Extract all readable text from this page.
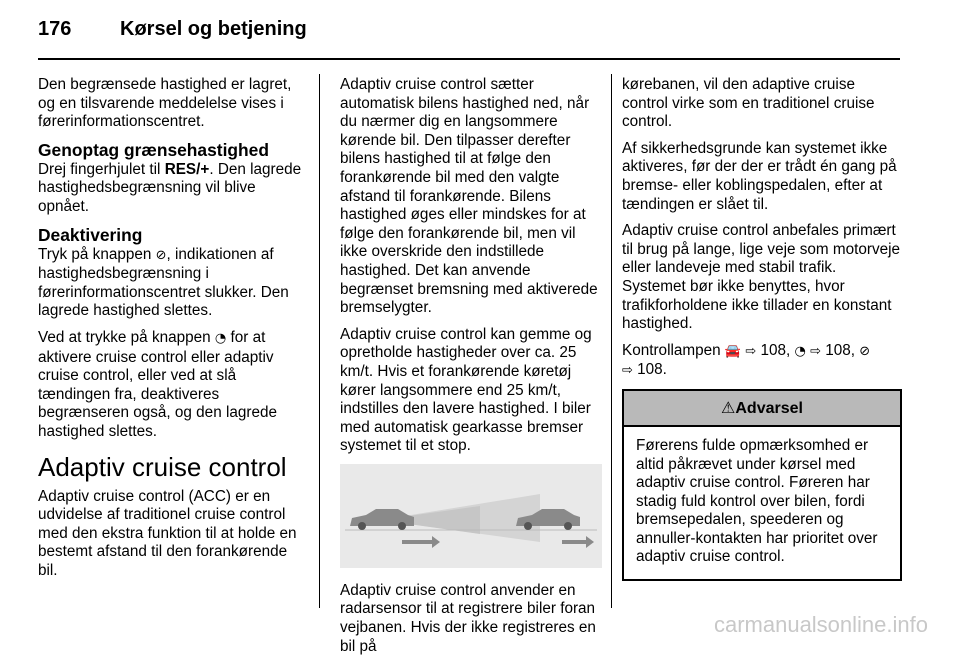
176 Kørsel og betjening

Den begrænsede hastighed er lagret, og en tilsvarende meddelelse vises i førerinformationscentret.

Genoptag grænsehastighed

Drej fingerhjulet til RES/+. Den lagrede hastighedsbegrænsning vil blive opnået.

Deaktivering

Tryk på knappen ⊘, indikationen af hastighedsbegrænsning i førerinformationscentret slukker. Den lagrede hastighed slettes.

Ved at trykke på knappen ◔ for at aktivere cruise control eller adaptiv cruise control, eller ved at slå tændingen fra, deaktiveres begrænseren også, og den lagrede hastighed slettes.

Adaptiv cruise control

Adaptiv cruise control (ACC) er en udvidelse af traditionel cruise control med den ekstra funktion til at holde en bestemt afstand til den forankørende bil.

Adaptiv cruise control sætter automatisk bilens hastighed ned, når du nærmer dig en langsommere kørende bil. Den tilpasser derefter bilens hastighed til at følge den forankørende bil med den valgte afstand til forankørende. Bilens hastighed øges eller mindskes for at følge den forankørende bil, men vil ikke overskride den indstillede hastighed. Det kan anvende begrænset bremsning med aktiverede bremselygter.

Adaptiv cruise control kan gemme og opretholde hastigheder over ca. 25 km/t. Hvis et forankørende køretøj kører langsommere end 25 km/t, indstilles den lavere hastighed. I biler med automatisk gearkasse bremser systemet til et stop.

Adaptiv cruise control anvender en radarsensor til at registrere biler foran vejbanen. Hvis der ikke registreres en bil på

kørebanen, vil den adaptive cruise control virke som en traditionel cruise control.

Af sikkerhedsgrunde kan systemet ikke aktiveres, før der der er trådt én gang på bremse- eller koblingspedalen, efter at tændingen er slået til.

Adaptiv cruise control anbefales primært til brug på lange, lige veje som motorveje eller landeveje med stabil trafik. Systemet bør ikke benyttes, hvor trafikforholdene ikke tillader en konstant hastighed.

Kontrollampen 🚘 ⇨ 108, ◔ ⇨ 108, ⊘
⇨ 108.

⚠Advarsel
Førerens fulde opmærksomhed er altid påkrævet under kørsel med adaptiv cruise control. Føreren har stadig fuld kontrol over bilen, fordi bremsepedalen, speederen og annuller-kontakten har prioritet over adaptiv cruise control.
carmanualsonline.info
